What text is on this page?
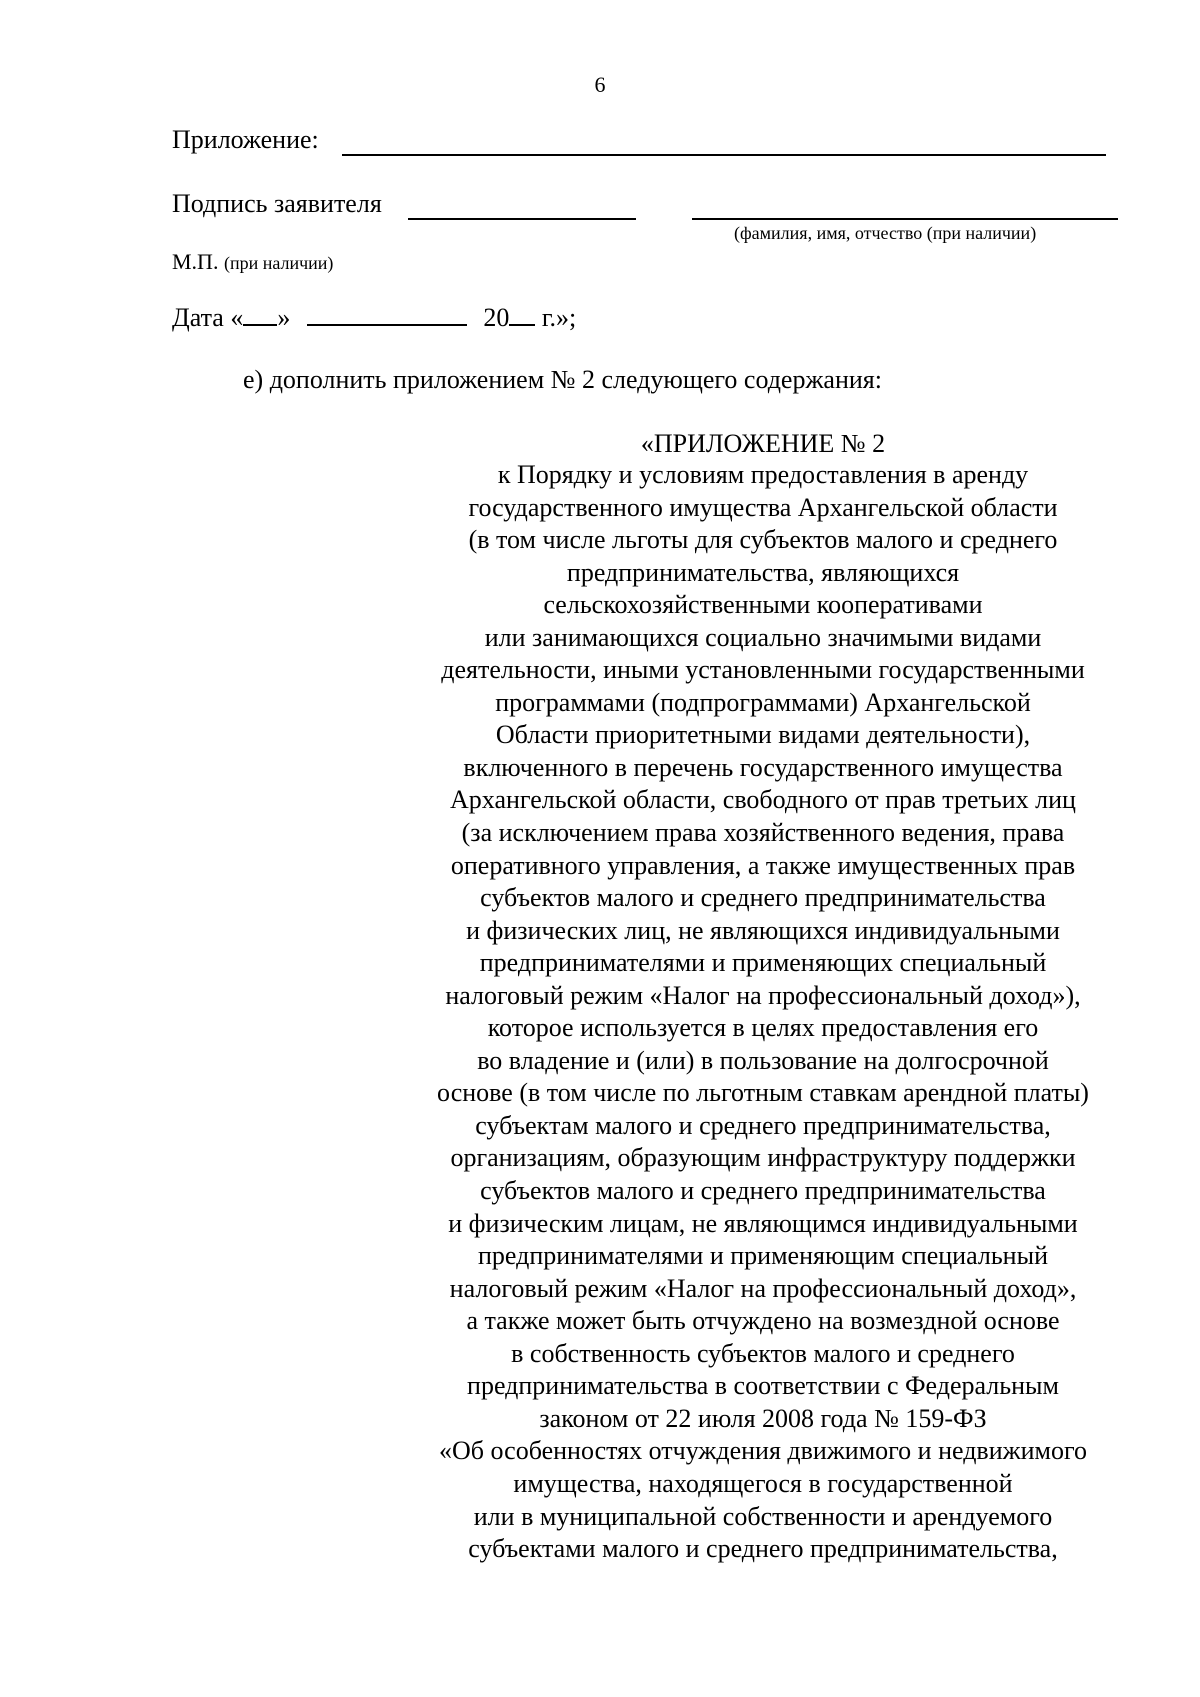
6
Приложение:
Подпись заявителя
(фамилия, имя, отчество (при наличии)
М.П. (при наличии)
Дата « »	20 г.»;
е) дополнить приложением № 2 следующего содержания:
«ПРИЛОЖЕНИЕ № 2
к Порядку и условиям предоставления в аренду
государственного имущества Архангельской области
(в том числе льготы для субъектов малого и среднего
предпринимательства, являющихся
сельскохозяйственными кооперативами
или занимающихся социально значимыми видами
деятельности, иными установленными государственными
программами (подпрограммами) Архангельской
Области приоритетными видами деятельности),
включенного в перечень государственного имущества
Архангельской области, свободного от прав третьих лиц
(за исключением права хозяйственного ведения, права
оперативного управления, а также имущественных прав
субъектов малого и среднего предпринимательства
и физических лиц, не являющихся индивидуальными
предпринимателями и применяющих специальный
налоговый режим «Налог на профессиональный доход»),
которое используется в целях предоставления его
во владение и (или) в пользование на долгосрочной
основе (в том числе по льготным ставкам арендной платы)
субъектам малого и среднего предпринимательства,
организациям, образующим инфраструктуру поддержки
субъектов малого и среднего предпринимательства
и физическим лицам, не являющимся индивидуальными
предпринимателями и применяющим специальный
налоговый режим «Налог на профессиональный доход»,
а также может быть отчуждено на возмездной основе
в собственность субъектов малого и среднего
предпринимательства в соответствии с Федеральным
законом от 22 июля 2008 года № 159-ФЗ
«Об особенностях отчуждения движимого и недвижимого
имущества, находящегося в государственной
или в муниципальной собственности и арендуемого
субъектами малого и среднего предпринимательства,
